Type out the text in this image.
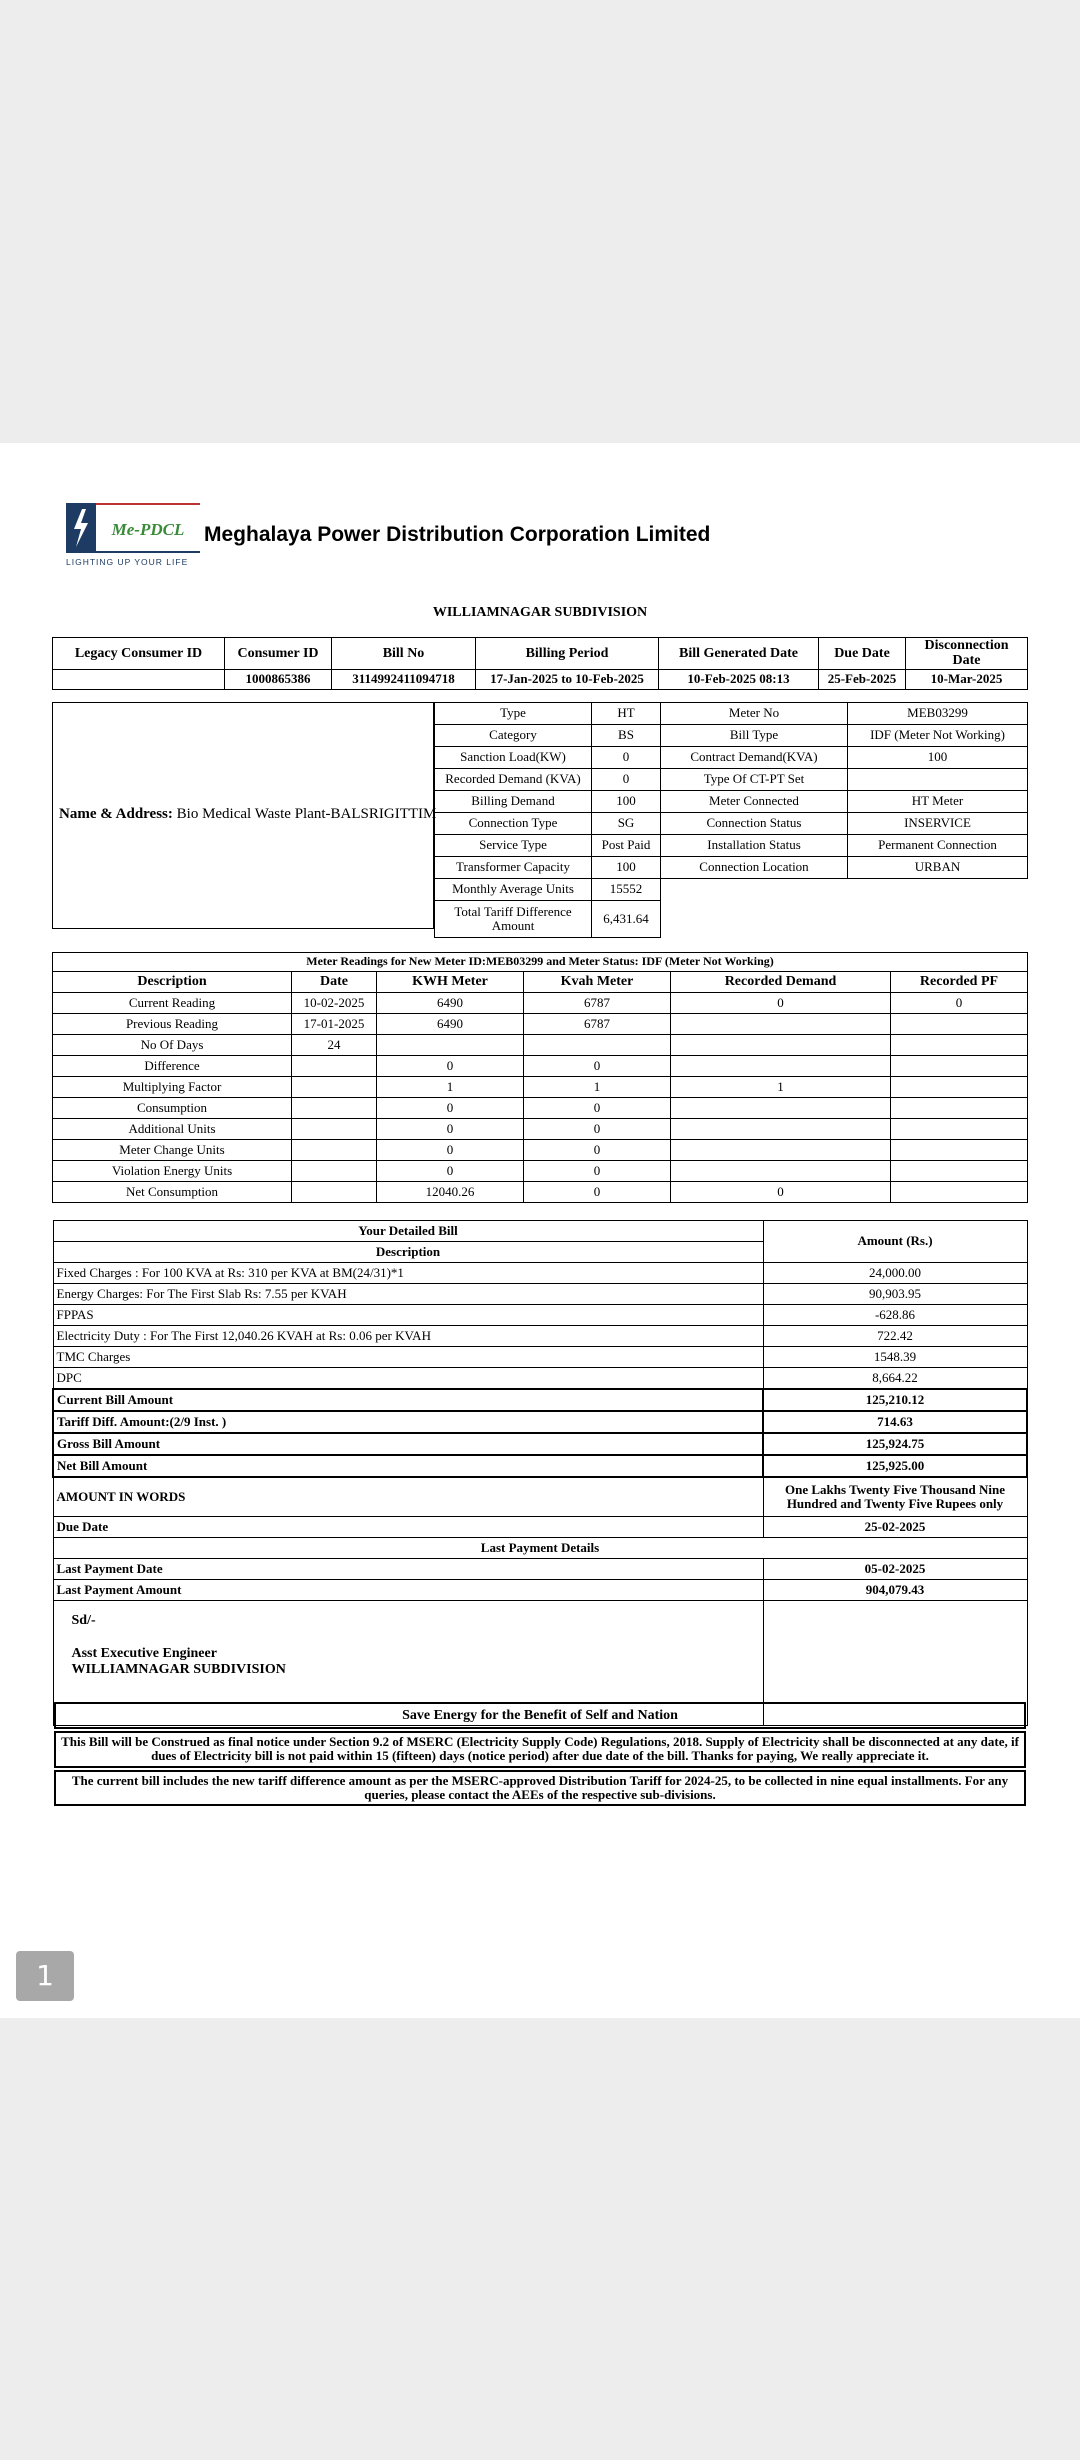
Me-PDCL
LIGHTING UP YOUR LIFE
Meghalaya Power Distribution Corporation Limited
WILLIAMNAGAR SUBDIVISION
Legacy Consumer ID	Consumer ID	Bill No	Billing Period	Bill Generated Date	Due Date	Disconnection Date
	1000865386	3114992411094718	17-Jan-2025 to 10-Feb-2025	10-Feb-2025 08:13	25-Feb-2025	10-Mar-2025
Name & Address: Bio Medical Waste Plant-BALSRIGITTIM
Type	HT	Meter No	MEB03299
Category	BS	Bill Type	IDF (Meter Not Working)
Sanction Load(KW)	0	Contract Demand(KVA)	100
Recorded Demand (KVA)	0	Type Of CT-PT Set	
Billing Demand	100	Meter Connected	HT Meter
Connection Type	SG	Connection Status	INSERVICE
Service Type	Post Paid	Installation Status	Permanent Connection
Transformer Capacity	100	Connection Location	URBAN
Monthly Average Units	15552		
Total Tariff Difference Amount	6,431.64		
Meter Readings for New Meter ID:MEB03299 and Meter Status: IDF (Meter Not Working)					
Description	Date	KWH Meter	Kvah Meter	Recorded Demand	Recorded PF
Current Reading	10-02-2025	6490	6787	0	0
Previous Reading	17-01-2025	6490	6787		
No Of Days	24				
Difference		0	0		
Multiplying Factor		1	1	1	
Consumption		0	0		
Additional Units		0	0		
Meter Change Units		0	0		
Violation Energy Units		0	0		
Net Consumption		12040.26	0	0	
Your Detailed Bill	Amount (Rs.)
Description	
Fixed Charges : For 100 KVA at Rs: 310 per KVA at BM(24/31)*1	24,000.00
Energy Charges: For The First Slab Rs: 7.55 per KVAH	90,903.95
FPPAS	-628.86
Electricity Duty : For The First 12,040.26 KVAH at Rs: 0.06 per KVAH	722.42
TMC Charges	1548.39
DPC	8,664.22
Current Bill Amount	125,210.12
Tariff Diff. Amount:(2/9 Inst. )	714.63
Gross Bill Amount	125,924.75
Net Bill Amount	125,925.00
AMOUNT IN WORDS	One Lakhs Twenty Five Thousand Nine Hundred and Twenty Five Rupees only
Due Date	25-02-2025
Last Payment Details	
Last Payment Date	05-02-2025
Last Payment Amount	904,079.43

Sd/-
Asst Executive Engineer
WILLIAMNAGAR SUBDIVISION	

Save Energy for the Benefit of Self and Nation

This Bill will be Construed as final notice under Section 9.2 of MSERC (Electricity Supply Code) Regulations, 2018. Supply of Electricity shall be disconnected at any date, if dues of Electricity bill is not paid within 15 (fifteen) days (notice period) after due date of the bill. Thanks for paying, We really appreciate it.

The current bill includes the new tariff difference amount as per the MSERC-approved Distribution Tariff for 2024-25, to be collected in nine equal installments. For any queries, please contact the AEEs of the respective sub-divisions.
1
